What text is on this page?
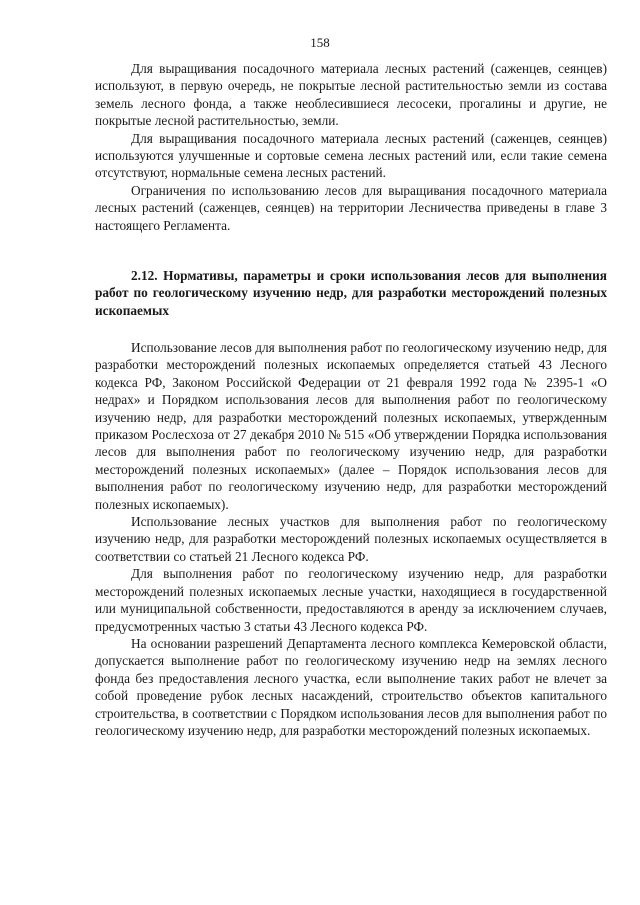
158

Для выращивания посадочного материала лесных растений (саженцев, сеянцев) используют, в первую очередь, не покрытые лесной растительностью земли из состава земель лесного фонда, а также необлесившиеся лесосеки, прогалины и другие, не покрытые лесной растительностью, земли.

Для выращивания посадочного материала лесных растений (саженцев, сеянцев) используются улучшенные и сортовые семена лесных растений или, если такие семена отсутствуют, нормальные семена лесных растений.

Ограничения по использованию лесов для выращивания посадочного материала лесных растений (саженцев, сеянцев) на территории Лесничества приведены в главе 3 настоящего Регламента.

2.12. Нормативы, параметры и сроки использования лесов для выполнения работ по геологическому изучению недр, для разработки месторождений полезных ископаемых

Использование лесов для выполнения работ по геологическому изучению недр, для разработки месторождений полезных ископаемых определяется статьей 43 Лесного кодекса РФ, Законом Российской Федерации от 21 февраля 1992 года № 2395-1 «О недрах» и Порядком использования лесов для выполнения работ по геологическому изучению недр, для разработки месторождений полезных ископаемых, утвержденным приказом Рослесхоза от 27 декабря 2010 № 515 «Об утверждении Порядка использования лесов для выполнения работ по геологическому изучению недр, для разработки месторождений полезных ископаемых» (далее – Порядок использования лесов для выполнения работ по геологическому изучению недр, для разработки месторождений полезных ископаемых).

Использование лесных участков для выполнения работ по геологическому изучению недр, для разработки месторождений полезных ископаемых осуществляется в соответствии со статьей 21 Лесного кодекса РФ.

Для выполнения работ по геологическому изучению недр, для разработки месторождений полезных ископаемых лесные участки, находящиеся в государственной или муниципальной собственности, предоставляются в аренду за исключением случаев, предусмотренных частью 3 статьи 43 Лесного кодекса РФ.

На основании разрешений Департамента лесного комплекса Кемеровской области, допускается выполнение работ по геологическому изучению недр на землях лесного фонда без предоставления лесного участка, если выполнение таких работ не влечет за собой проведение рубок лесных насаждений, строительство объектов капитального строительства, в соответствии с Порядком использования лесов для выполнения работ по геологическому изучению недр, для разработки месторождений полезных ископаемых.
